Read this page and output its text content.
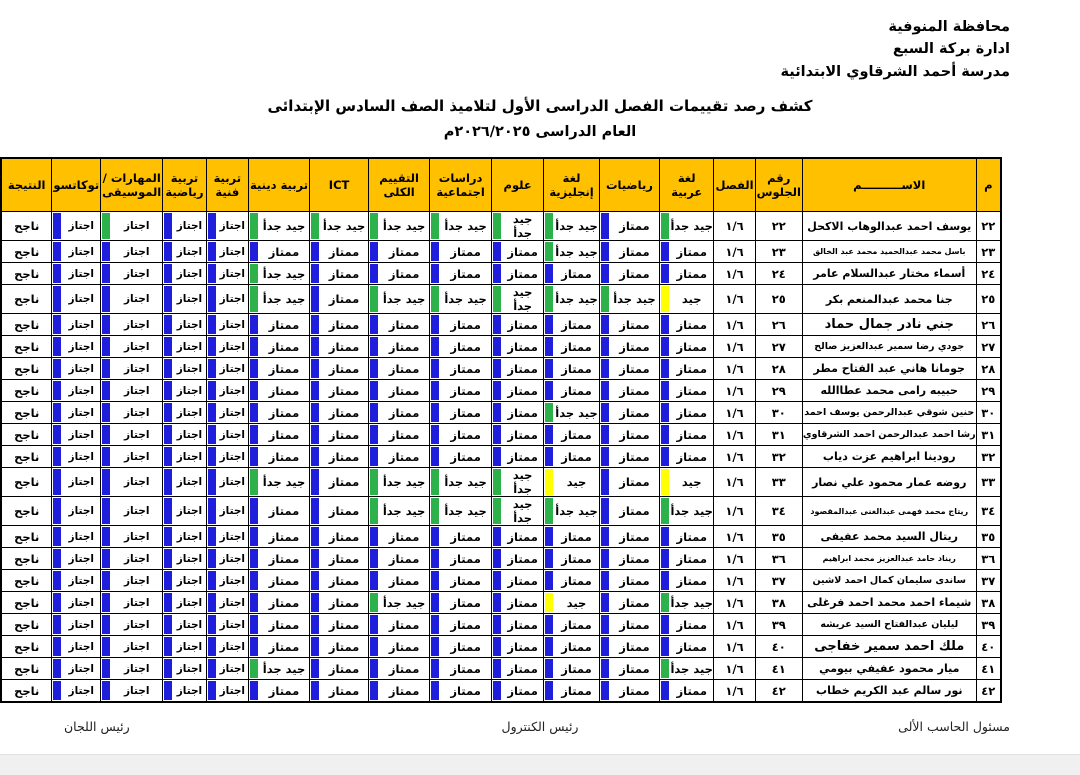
محافظة المنوفية
ادارة بركة السبع
مدرسة أحمد الشرقاوي الابتدائية
كشف رصد تقييمات الفصل الدراسى الأول لتلاميذ الصف السادس الإبتدائى
العام الدراسى ٢٠٢٦/٢٠٢٥م
م	الاســــــــــم	رقم الجلوس	الفصل	لغة عربية	رياضيات	لغة إنجليزية	علوم	دراسات اجتماعية	التقييم الكلى	ICT	تربية دينية	تربية فنية	تربية رياضية	المهارات / الموسيقى	توكاتسو	النتيجة
٢٢	يوسف احمد عبدالوهاب الاكحل	٢٢	١/٦	جيد جدأ	ممتاز	جيد جدأ	جيد جدأ	جيد جدأ	جيد جدأ	جيد جدأ	جيد جدأ	اجتاز	اجتاز	اجتاز	اجتاز	ناجح
٢٣	باسل محمد عبدالحميد محمد عبد الخالق	٢٣	١/٦	ممتاز	ممتاز	جيد جدأ	ممتاز	ممتاز	ممتاز	ممتاز	ممتاز	اجتاز	اجتاز	اجتاز	اجتاز	ناجح
٢٤	أسماء مختار عبدالسلام عامر	٢٤	١/٦	ممتاز	ممتاز	ممتاز	ممتاز	ممتاز	ممتاز	ممتاز	جيد جدأ	اجتاز	اجتاز	اجتاز	اجتاز	ناجح
٢٥	جنا محمد عبدالمنعم بكر	٢٥	١/٦	جيد	جيد جدأ	جيد جدأ	جيد جدأ	جيد جدأ	جيد جدأ	ممتاز	جيد جدأ	اجتاز	اجتاز	اجتاز	اجتاز	ناجح
٢٦	جني نادر جمال حماد	٢٦	١/٦	ممتاز	ممتاز	ممتاز	ممتاز	ممتاز	ممتاز	ممتاز	ممتاز	اجتاز	اجتاز	اجتاز	اجتاز	ناجح
٢٧	جودي رضا سمير عبدالعزيز صالح	٢٧	١/٦	ممتاز	ممتاز	ممتاز	ممتاز	ممتاز	ممتاز	ممتاز	ممتاز	اجتاز	اجتاز	اجتاز	اجتاز	ناجح
٢٨	جومانا هاني عبد الفتاح مطر	٢٨	١/٦	ممتاز	ممتاز	ممتاز	ممتاز	ممتاز	ممتاز	ممتاز	ممتاز	اجتاز	اجتاز	اجتاز	اجتاز	ناجح
٢٩	حبيبه رامى محمد عطاالله	٢٩	١/٦	ممتاز	ممتاز	ممتاز	ممتاز	ممتاز	ممتاز	ممتاز	ممتاز	اجتاز	اجتاز	اجتاز	اجتاز	ناجح
٣٠	حنين شوقي عبدالرحمن يوسف احمد	٣٠	١/٦	ممتاز	ممتاز	جيد جدأ	ممتاز	ممتاز	ممتاز	ممتاز	ممتاز	اجتاز	اجتاز	اجتاز	اجتاز	ناجح
٣١	رشا احمد عبدالرحمن احمد الشرقاوي	٣١	١/٦	ممتاز	ممتاز	ممتاز	ممتاز	ممتاز	ممتاز	ممتاز	ممتاز	اجتاز	اجتاز	اجتاز	اجتاز	ناجح
٣٢	رودينا ابراهيم عزت دياب	٣٢	١/٦	ممتاز	ممتاز	ممتاز	ممتاز	ممتاز	ممتاز	ممتاز	ممتاز	اجتاز	اجتاز	اجتاز	اجتاز	ناجح
٣٣	روضه عمار محمود علي نصار	٣٣	١/٦	جيد	ممتاز	جيد	جيد جدأ	جيد جدأ	جيد جدأ	ممتاز	جيد جدأ	اجتاز	اجتاز	اجتاز	اجتاز	ناجح
٣٤	ريتاج محمد فهمى عبدالغنى عبدالمقصود	٣٤	١/٦	جيد جدأ	ممتاز	جيد جدأ	جيد جدأ	جيد جدأ	جيد جدأ	ممتاز	ممتاز	اجتاز	اجتاز	اجتاز	اجتاز	ناجح
٣٥	ريتال السيد محمد عفيفى	٣٥	١/٦	ممتاز	ممتاز	ممتاز	ممتاز	ممتاز	ممتاز	ممتاز	ممتاز	اجتاز	اجتاز	اجتاز	اجتاز	ناجح
٣٦	ريناد حامد عبدالعزيز محمد ابراهيم	٣٦	١/٦	ممتاز	ممتاز	ممتاز	ممتاز	ممتاز	ممتاز	ممتاز	ممتاز	اجتاز	اجتاز	اجتاز	اجتاز	ناجح
٣٧	ساندى سليمان كمال احمد لاشين	٣٧	١/٦	ممتاز	ممتاز	ممتاز	ممتاز	ممتاز	ممتاز	ممتاز	ممتاز	اجتاز	اجتاز	اجتاز	اجتاز	ناجح
٣٨	شيماء احمد محمد احمد فرغلى	٣٨	١/٦	جيد جدأ	ممتاز	جيد	ممتاز	ممتاز	جيد جدأ	ممتاز	ممتاز	اجتاز	اجتاز	اجتاز	اجتاز	ناجح
٣٩	ليليان عبدالفتاح السيد عريشه	٣٩	١/٦	ممتاز	ممتاز	ممتاز	ممتاز	ممتاز	ممتاز	ممتاز	ممتاز	اجتاز	اجتاز	اجتاز	اجتاز	ناجح
٤٠	ملك احمد سمير خفاجى	٤٠	١/٦	ممتاز	ممتاز	ممتاز	ممتاز	ممتاز	ممتاز	ممتاز	ممتاز	اجتاز	اجتاز	اجتاز	اجتاز	ناجح
٤١	ميار محمود عفيفي بيومي	٤١	١/٦	جيد جدأ	ممتاز	ممتاز	ممتاز	ممتاز	ممتاز	ممتاز	جيد جدأ	اجتاز	اجتاز	اجتاز	اجتاز	ناجح
٤٢	نور سالم عبد الكريم خطاب	٤٢	١/٦	ممتاز	ممتاز	ممتاز	ممتاز	ممتاز	ممتاز	ممتاز	ممتاز	اجتاز	اجتاز	اجتاز	اجتاز	ناجح
مسئول الحاسب الألى
رئيس الكنترول
رئيس اللجان
